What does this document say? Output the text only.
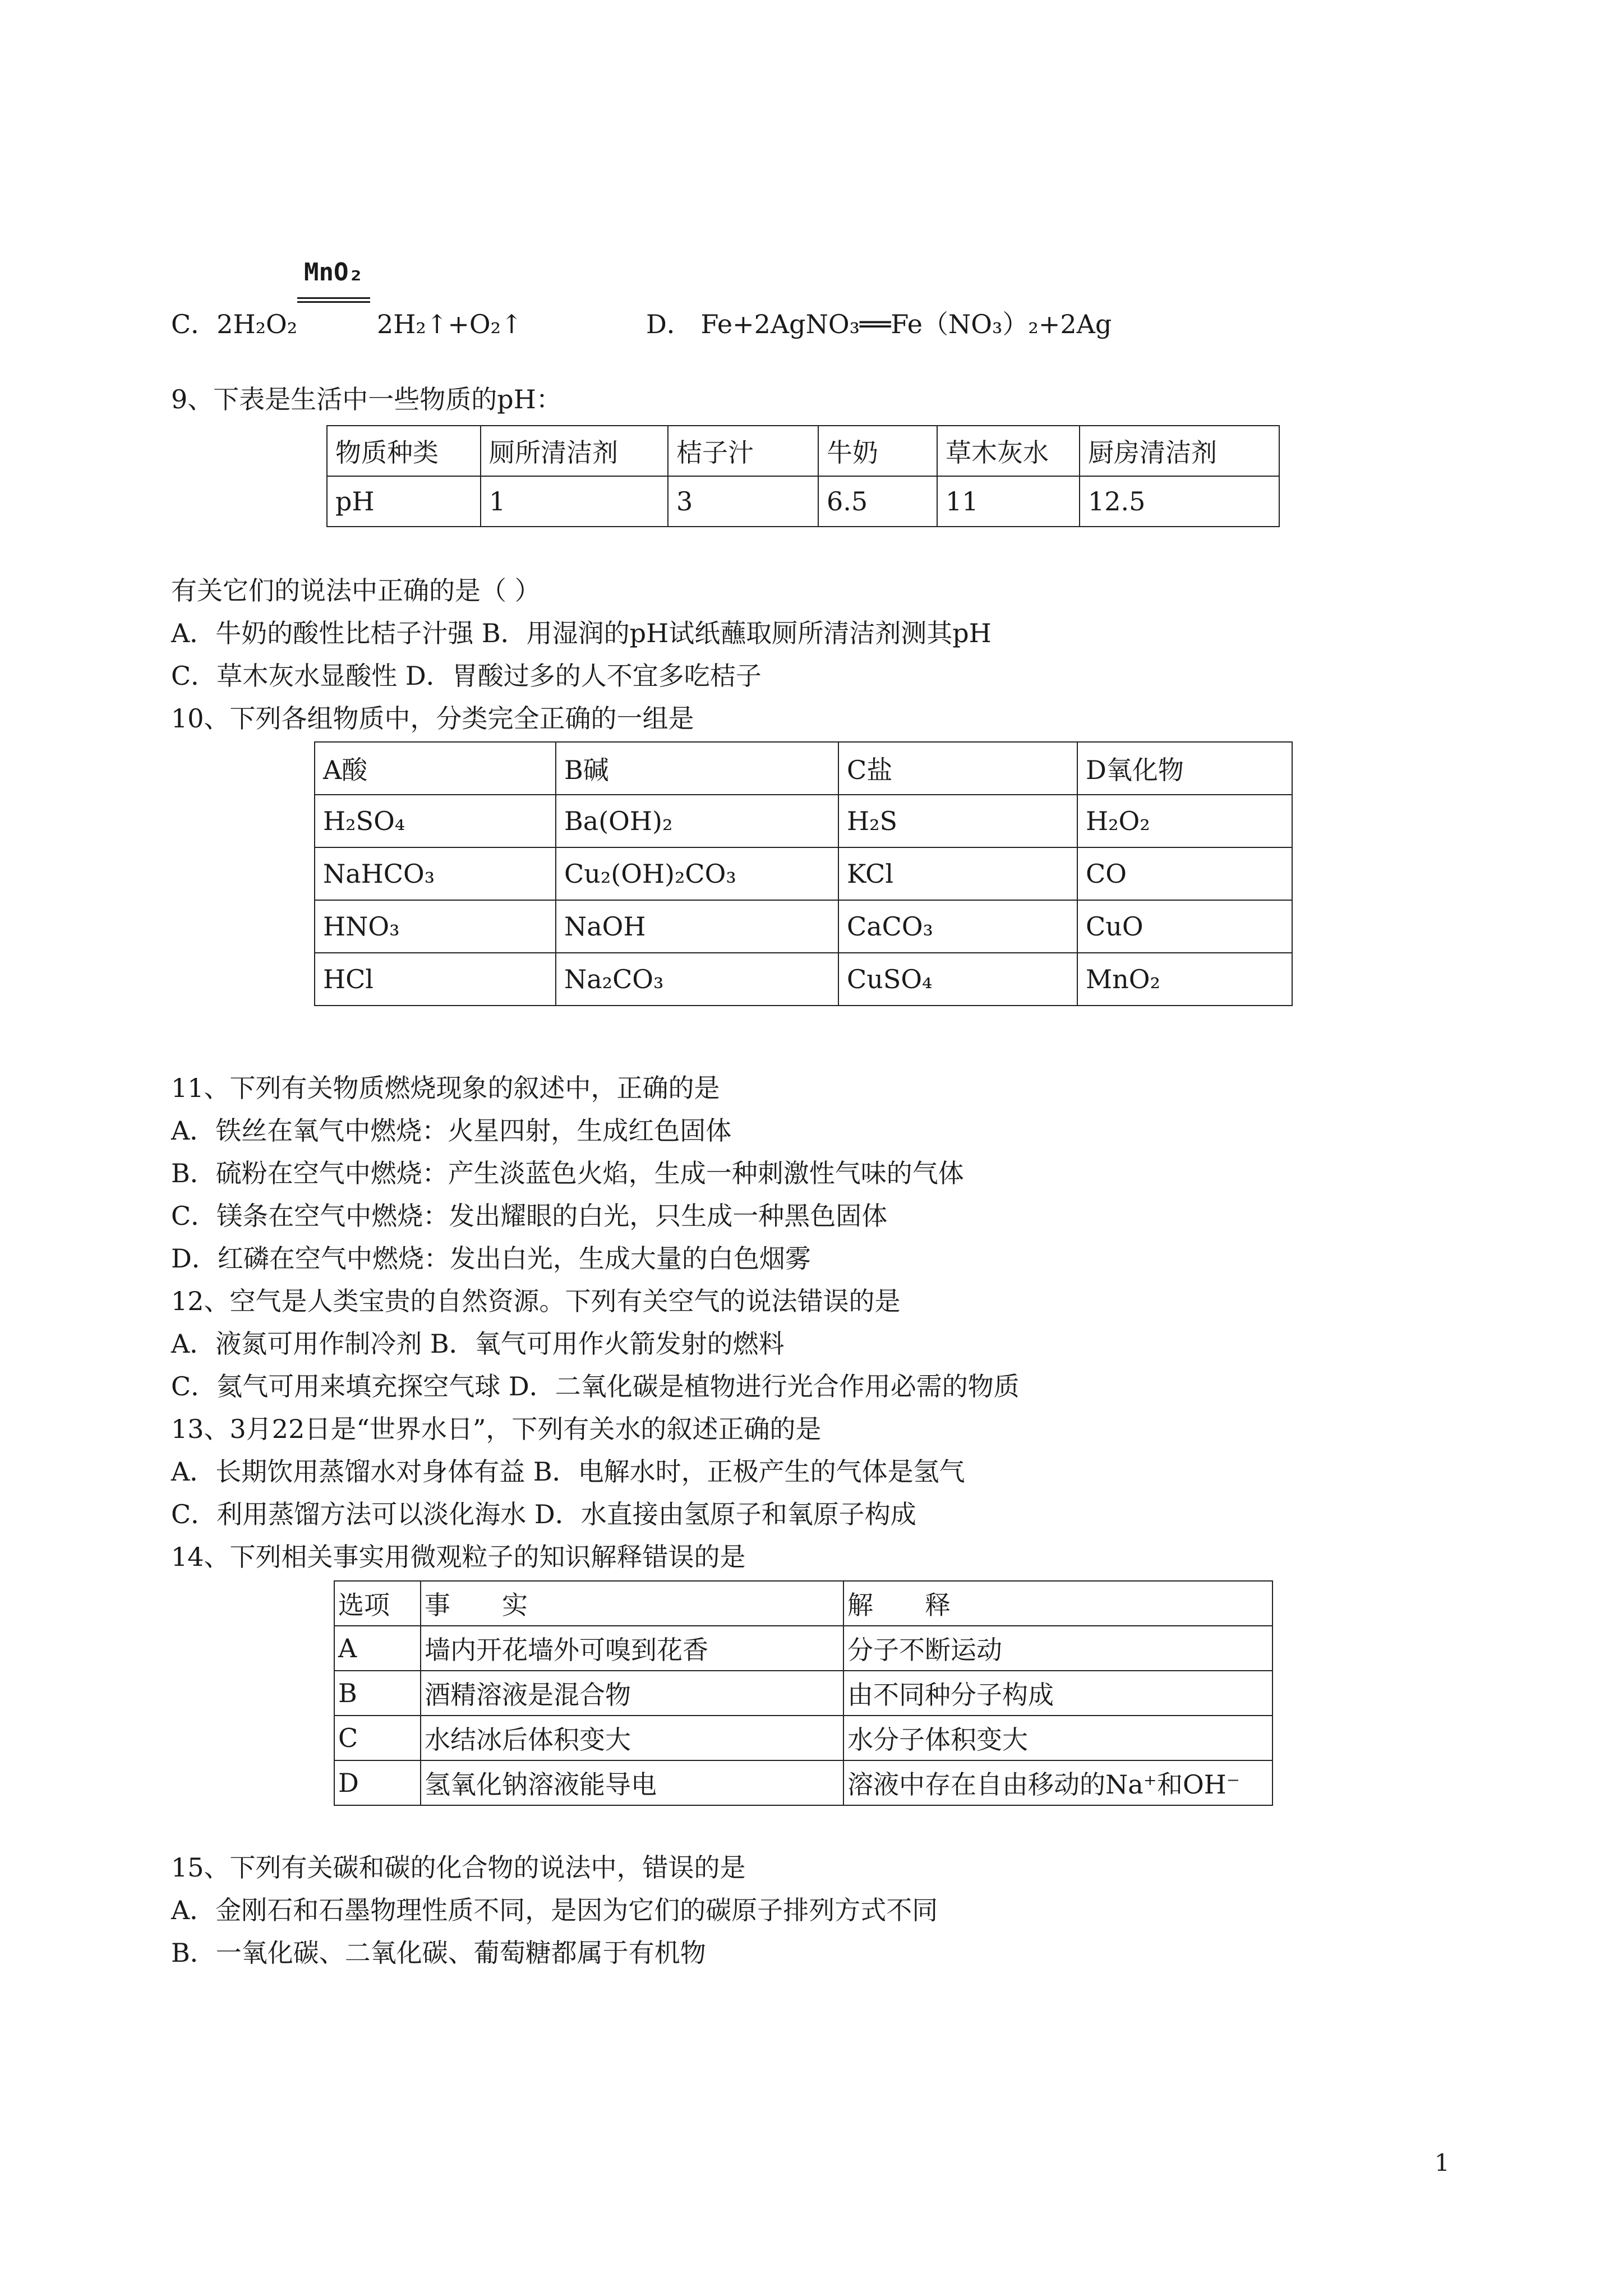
C．2H₂O₂
MnO₂
2H₂↑+O₂↑	D． Fe+2AgNO₃══Fe（NO₃）₂+2Ag
9、下表是生活中一些物质的pH：
物质种类	厕所清洁剂	桔子汁	牛奶	草木灰水	厨房清洁剂
pH	1	3	6.5	11	12.5
有关它们的说法中正确的是（ ）
A．牛奶的酸性比桔子汁强 B．用湿润的pH试纸蘸取厕所清洁剂测其pH
C．草木灰水显酸性 D．胃酸过多的人不宜多吃桔子
10、下列各组物质中，分类完全正确的一组是
A酸	B碱	C盐	D氧化物
H₂SO₄	Ba(OH)₂	H₂S	H₂O₂
NaHCO₃	Cu₂(OH)₂CO₃	KCl	CO
HNO₃	NaOH	CaCO₃	CuO
HCl	Na₂CO₃	CuSO₄	MnO₂
11、下列有关物质燃烧现象的叙述中，正确的是
A．铁丝在氧气中燃烧：火星四射，生成红色固体
B．硫粉在空气中燃烧：产生淡蓝色火焰，生成一种刺激性气味的气体
C．镁条在空气中燃烧：发出耀眼的白光，只生成一种黑色固体
D．红磷在空气中燃烧：发出白光，生成大量的白色烟雾
12、空气是人类宝贵的自然资源。下列有关空气的说法错误的是
A．液氮可用作制冷剂 B．氧气可用作火箭发射的燃料
C．氦气可用来填充探空气球 D．二氧化碳是植物进行光合作用必需的物质
13、3月22日是“世界水日”，下列有关水的叙述正确的是
A．长期饮用蒸馏水对身体有益 B．电解水时，正极产生的气体是氢气
C．利用蒸馏方法可以淡化海水 D．水直接由氢原子和氧原子构成
14、下列相关事实用微观粒子的知识解释错误的是
选项	事　　实	解　　释
A	墙内开花墙外可嗅到花香	分子不断运动
B	酒精溶液是混合物	由不同种分子构成
C	水结冰后体积变大	水分子体积变大
D	氢氧化钠溶液能导电	溶液中存在自由移动的Na⁺和OH⁻
15、下列有关碳和碳的化合物的说法中，错误的是
A．金刚石和石墨物理性质不同，是因为它们的碳原子排列方式不同
B．一氧化碳、二氧化碳、葡萄糖都属于有机物
1
